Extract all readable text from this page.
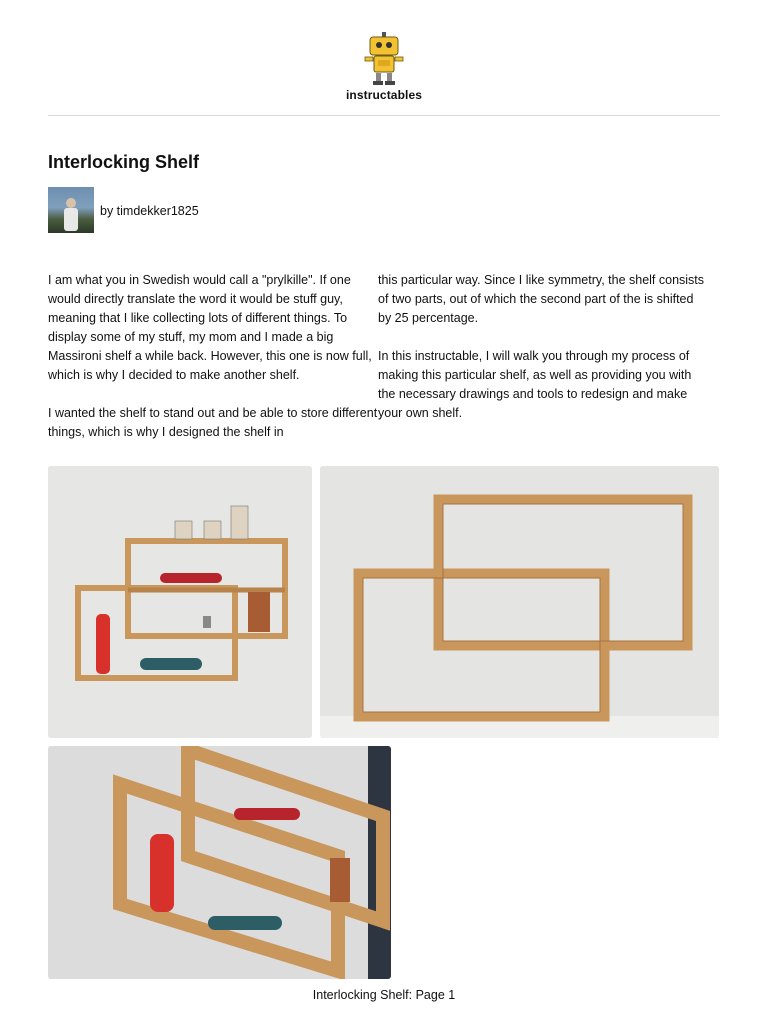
instructables
Interlocking Shelf
by timdekker1825

I am what you in Swedish would call a "prylkille". If one would directly translate the word it would be stuff guy, meaning that I like collecting lots of different things. To display some of my stuff, my mom and I made a big Massironi shelf a while back. However, this one is now full, which is why I decided to make another shelf.

I wanted the shelf to stand out and be able to store different things, which is why I designed the shelf in

this particular way. Since I like symmetry, the shelf consists of two parts, out of which the second part of the is shifted by 25 percentage.

In this instructable, I will walk you through my process of making this particular shelf, as well as providing you with the necessary drawings and tools to redesign and make your own shelf.

Interlocking Shelf: Page 1
